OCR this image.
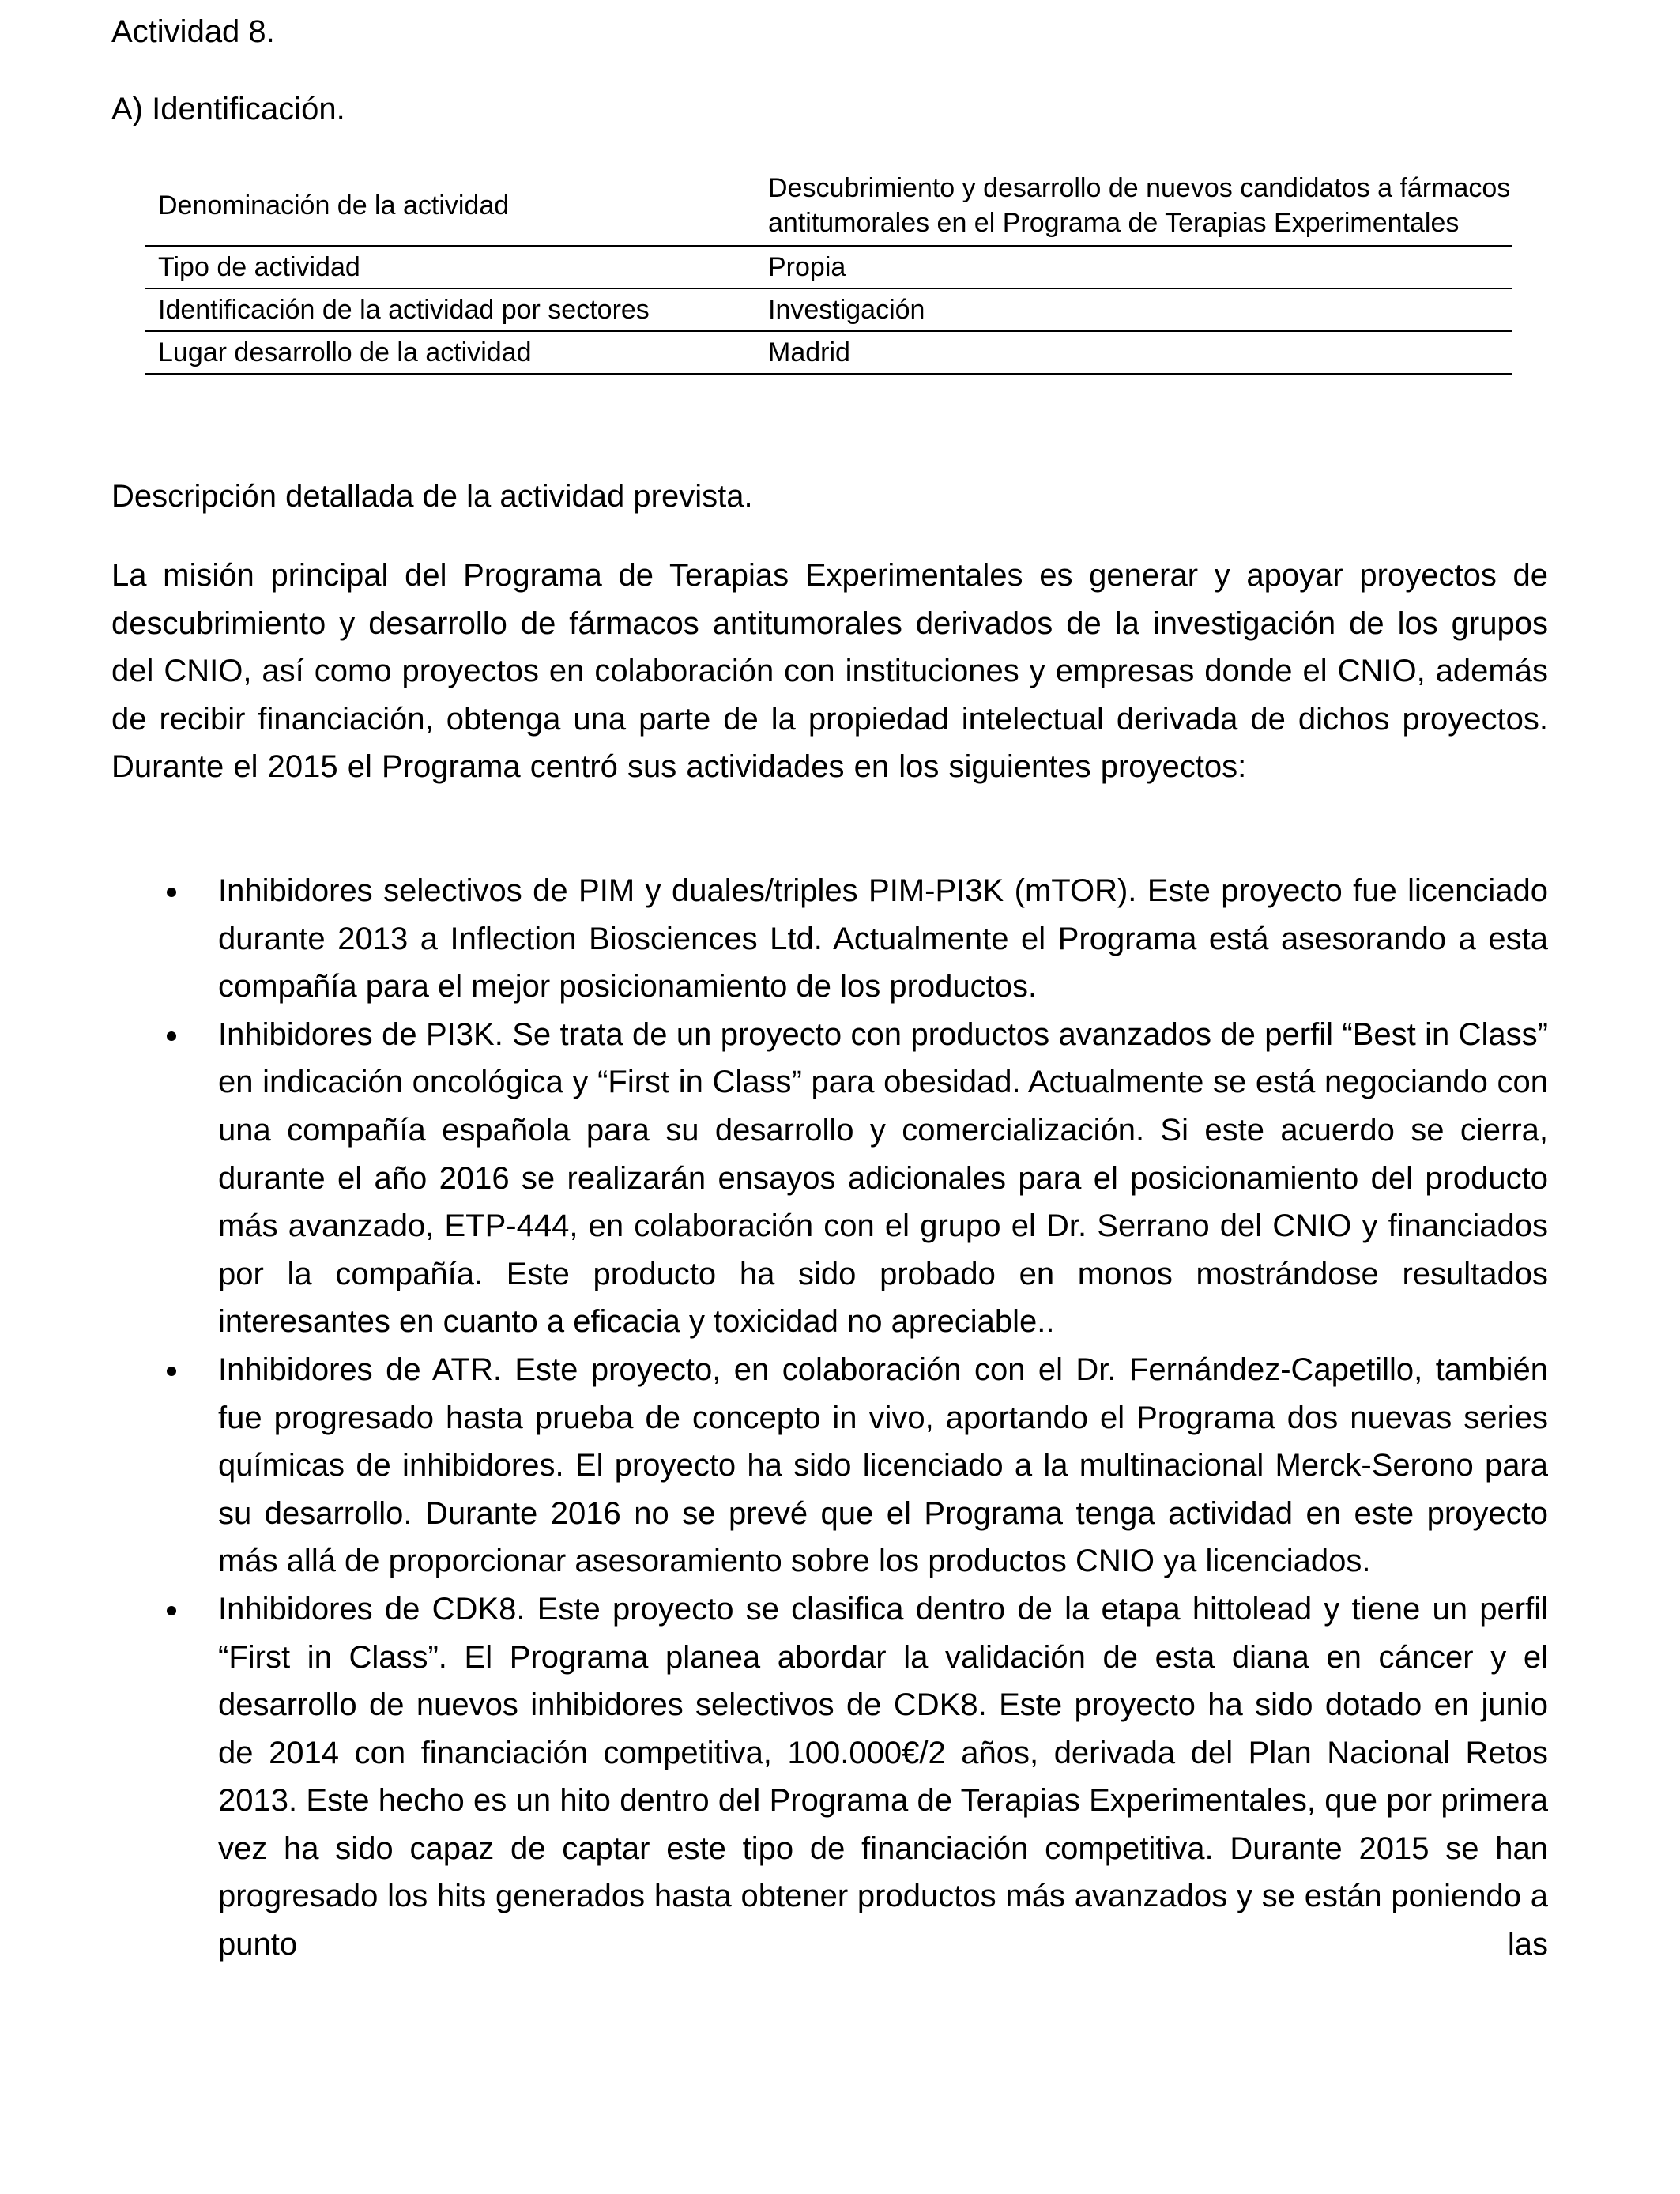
Actividad 8.

A) Identificación.

Denominación de la actividad	Descubrimiento y desarrollo de nuevos candidatos a fármacos antitumorales en el Programa de Terapias Experimentales
Tipo de actividad	Propia
Identificación de la actividad por sectores	Investigación
Lugar desarrollo de la actividad	Madrid

Descripción detallada de la actividad prevista.

La misión principal del Programa de Terapias Experimentales es generar y apoyar proyectos de descubrimiento y desarrollo de fármacos antitumorales derivados de la investigación de los grupos del CNIO, así como proyectos en colaboración con instituciones y empresas donde el CNIO, además de recibir financiación, obtenga una parte de la propiedad intelectual derivada de dichos proyectos. Durante el 2015 el Programa centró sus actividades en los siguientes proyectos:

Inhibidores selectivos de PIM y duales/triples PIM-PI3K (mTOR). Este proyecto fue licenciado durante 2013 a Inflection Biosciences Ltd. Actualmente el Programa está asesorando a esta compañía para el mejor posicionamiento de los productos.
Inhibidores de PI3K. Se trata de un proyecto con productos avanzados de perfil “Best in Class” en indicación oncológica y “First in Class” para obesidad. Actualmente se está negociando con una compañía española para su desarrollo y comercialización. Si este acuerdo se cierra, durante el año 2016 se realizarán ensayos adicionales para el posicionamiento del producto más avanzado, ETP-444, en colaboración con el grupo el Dr. Serrano del CNIO y financiados por la compañía. Este producto ha sido probado en monos mostrándose resultados interesantes en cuanto a eficacia y toxicidad no apreciable..
Inhibidores de ATR. Este proyecto, en colaboración con el Dr. Fernández-Capetillo, también fue progresado hasta prueba de concepto in vivo, aportando el Programa dos nuevas series químicas de inhibidores. El proyecto ha sido licenciado a la multinacional Merck-Serono para su desarrollo. Durante 2016 no se prevé que el Programa tenga actividad en este proyecto más allá de proporcionar asesoramiento sobre los productos CNIO ya licenciados.
Inhibidores de CDK8. Este proyecto se clasifica dentro de la etapa hittolead y tiene un perfil “First in Class”. El Programa planea abordar la validación de esta diana en cáncer y el desarrollo de nuevos inhibidores selectivos de CDK8. Este proyecto ha sido dotado en junio de 2014 con financiación competitiva, 100.000€/2 años, derivada del Plan Nacional Retos 2013. Este hecho es un hito dentro del Programa de Terapias Experimentales, que por primera vez ha sido capaz de captar este tipo de financiación competitiva. Durante 2015 se han progresado los hits generados hasta obtener productos más avanzados y se están poniendo a punto las
